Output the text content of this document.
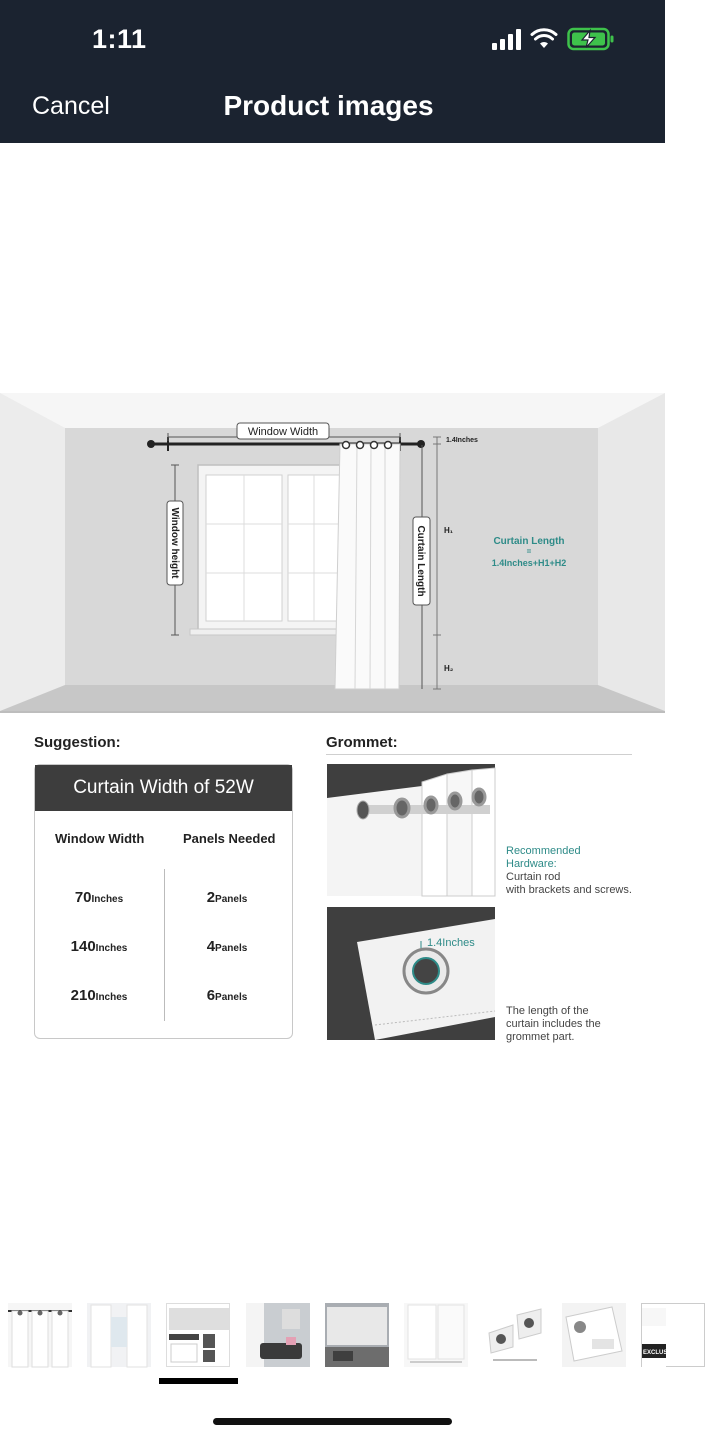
1:11
Cancel	Product images
Window Width
Window height	Curtain Length
1.4Inches
H₁
H₂
Curtain Length
=
1.4Inches+H1+H2
Suggestion:
Curtain Width of 52W
Window Width	Panels Needed
70Inches	2Panels
140Inches	4Panels
210Inches	6Panels
Grommet:
Recommended
Hardware:
Curtain rod
with brackets and screws.
1.4Inches
The length of the
curtain includes the
grommet part.
EXCLUSIV
